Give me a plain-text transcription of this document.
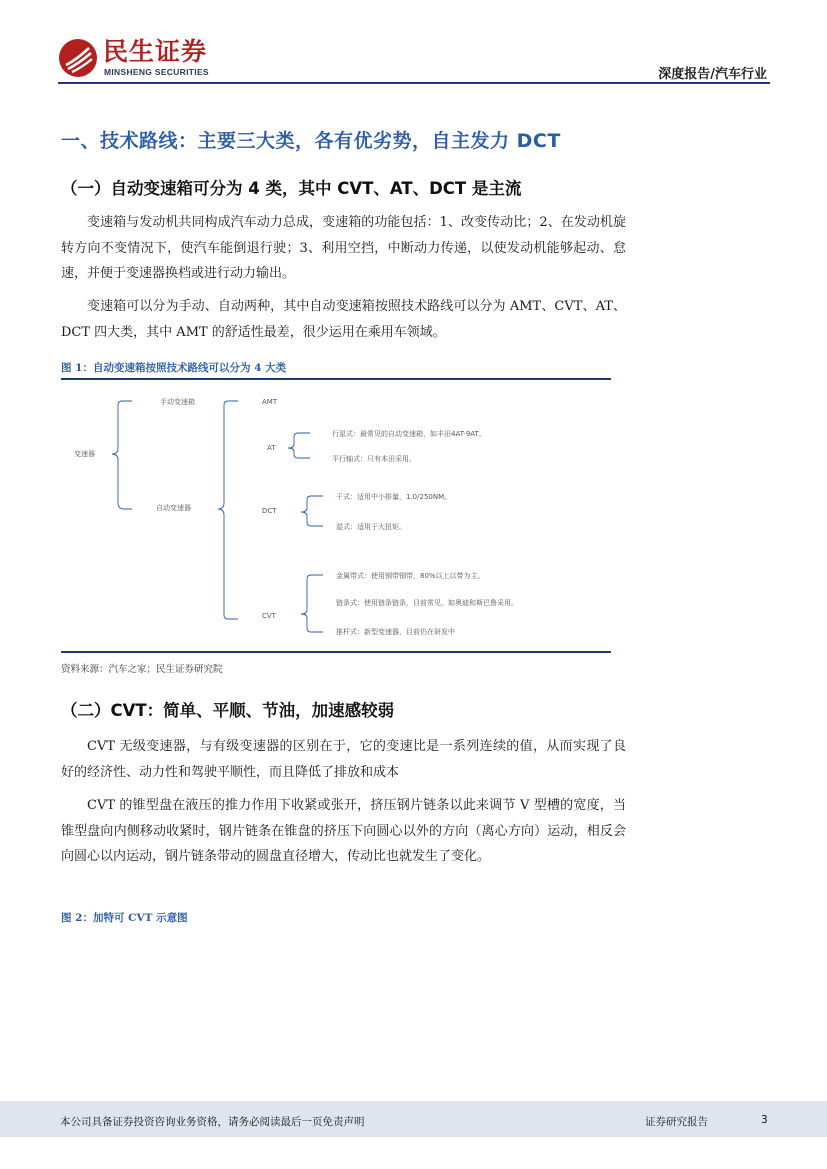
民生证券
MINSHENG SECURITIES	深度报告/汽车行业
一、技术路线：主要三大类，各有优劣势，自主发力 DCT
（一）自动变速箱可分为 4 类，其中 CVT、AT、DCT 是主流

变速箱与发动机共同构成汽车动力总成，变速箱的功能包括：1、改变传动比；2、在发动机旋转方向不变情况下，使汽车能倒退行驶；3、利用空挡，中断动力传递，以使发动机能够起动、怠速，并便于变速器换档或进行动力输出。

变速箱可以分为手动、自动两种，其中自动变速箱按照技术路线可以分为 AMT、CVT、AT、DCT 四大类，其中 AMT 的舒适性最差，很少运用在乘用车领域。

图 1：自动变速箱按照技术路线可以分为 4 大类
变速器
手动变速箱
自动变速器
AMT
AT
行星式：最常见的自动变速箱，如丰田4AT-9AT。
平行轴式：只有本田采用。
DCT
干式：适用中小排量，1.0/250NM。
湿式：适用于大扭矩。
CVT
金属带式：使用钢带钢带，80%以上以带为主。
链条式：使用链条链条，目前常见，如奥迪和斯巴鲁采用。
推杆式：新型变速器，目前仍在研发中
资料来源：汽车之家；民生证券研究院
（二）CVT：简单、平顺、节油，加速感较弱

CVT 无级变速器，与有级变速器的区别在于，它的变速比是一系列连续的值，从而实现了良好的经济性、动力性和驾驶平顺性，而且降低了排放和成本

CVT 的锥型盘在液压的推力作用下收紧或张开，挤压钢片链条以此来调节 V 型槽的宽度，当锥型盘向内侧移动收紧时，钢片链条在锥盘的挤压下向圆心以外的方向（离心方向）运动，相反会向圆心以内运动，钢片链条带动的圆盘直径增大，传动比也就发生了变化。

图 2：加特可 CVT 示意图
本公司具备证券投资咨询业务资格，请务必阅读最后一页免责声明	证券研究报告	3
